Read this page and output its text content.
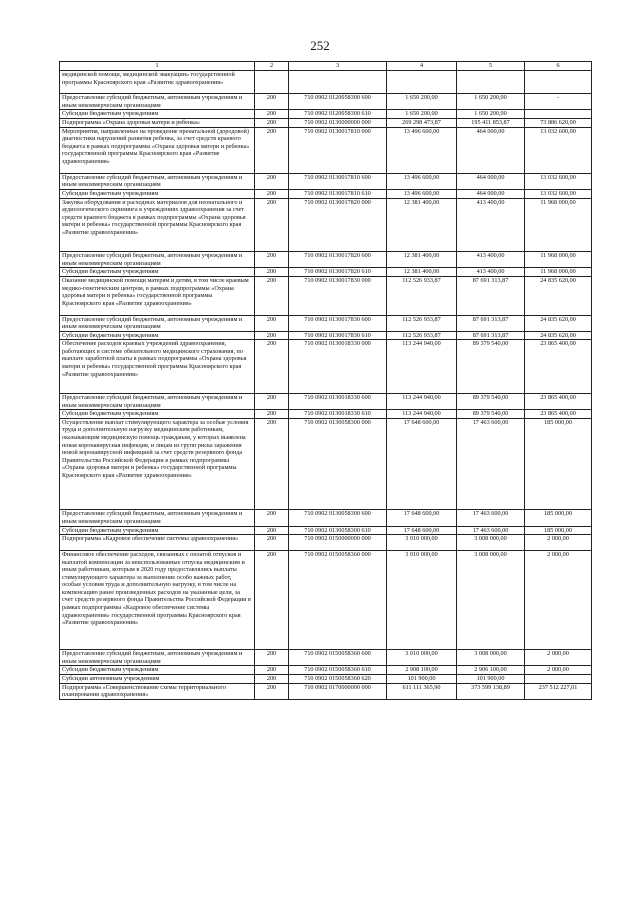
252
1	2	3	4	5	6
медицинской помощи, медицинской эвакуации» государственной программы Красноярского края «Развитие здравоохранения»					
Предоставление субсидий бюджетным, автономным учреждениям и иным некоммерческим организациям	200	710 0902 0120058300 600	1 650 200,00	1 650 200,00	-
Субсидии бюджетным учреждениям	200	710 0902 0120058300 610	1 650 200,00	1 650 200,00	
Подпрограмма «Охрана здоровья матери и ребенка»	200	710 0902 0130000000 000	269 298 473,87	195 411 853,87	73 886 620,00
Мероприятия, направленные на проведение пренатальной (дородовой) диагностики нарушений развития ребенка, за счет средств краевого бюджета в рамках подпрограммы «Охрана здоровья матери и ребенка» государственной программы Красноярского края «Развитие здравоохранения»	200	710 0902 0130017810 000	13 496 600,00	464 000,00	13 032 600,00
Предоставление субсидий бюджетным, автономным учреждениям и иным некоммерческим организациям	200	710 0902 0130017810 600	13 496 600,00	464 000,00	13 032 600,00
Субсидии бюджетным учреждениям	200	710 0902 0130017810 610	13 496 600,00	464 000,00	13 032 600,00
Закупка оборудования и расходных материалов для неонатального и аудиологического скрининга в учреждениях здравоохранения за счет средств краевого бюджета в рамках подпрограммы «Охрана здоровья матери и ребенка» государственной программы Красноярского края «Развитие здравоохранения»	200	710 0902 0130017820 000	12 381 400,00	413 400,00	11 968 000,00
Предоставление субсидий бюджетным, автономным учреждениям и иным некоммерческим организациям	200	710 0902 0130017820 600	12 381 400,00	413 400,00	11 968 000,00
Субсидии бюджетным учреждениям	200	710 0902 0130017820 610	12 381 400,00	413 400,00	11 968 000,00
Оказание медицинской помощи матерям и детям, в том числе краевым медико-генетическим центром, в рамках подпрограммы «Охрана здоровья матери и ребенка» государственной программы Красноярского края «Развитие здравоохранения»	200	710 0902 0130017830 000	112 526 933,87	87 691 313,87	24 835 620,00
Предоставление субсидий бюджетным, автономным учреждениям и иным некоммерческим организациям	200	710 0902 0130017830 600	112 526 933,87	87 691 313,87	24 835 620,00
Субсидии бюджетным учреждениям	200	710 0902 0130017830 610	112 526 933,87	87 691 313,87	24 835 620,00
Обеспечение расходов краевых учреждений здравоохранения, работающих в системе обязательного медицинского страхования, по выплате заработной платы в рамках подпрограммы «Охрана здоровья матери и ребенка» государственной программы Красноярского края «Развитие здравоохранения»	200	710 0902 0130018330 000	113 244 940,00	89 379 540,00	23 865 400,00
Предоставление субсидий бюджетным, автономным учреждениям и иным некоммерческим организациям	200	710 0902 0130018330 600	113 244 940,00	89 379 540,00	23 865 400,00
Субсидии бюджетным учреждениям	200	710 0902 0130018330 610	113 244 940,00	89 379 540,00	23 865 400,00
Осуществление выплат стимулирующего характера за особые условия труда и дополнительную нагрузку медицинским работникам, оказывающим медицинскую помощь гражданам, у которых выявлена новая коронавирусная инфекция, и лицам из групп риска заражения новой коронавирусной инфекцией за счет средств резервного фонда Правительства Российской Федерации в рамках подпрограммы «Охрана здоровья матери и ребенка» государственной программы Красноярского края «Развитие здравоохранения»	200	710 0902 0130058300 000	17 648 600,00	17 463 600,00	185 000,00
Предоставление субсидий бюджетным, автономным учреждениям и иным некоммерческим организациям	200	710 0902 0130058300 600	17 648 600,00	17 463 600,00	185 000,00
Субсидии бюджетным учреждениям	200	710 0902 0130058300 610	17 648 600,00	17 463 600,00	185 000,00
Подпрограмма «Кадровое обеспечение системы здравоохранения»	200	710 0902 0150000000 000	3 010 000,00	3 008 000,00	2 000,00
Финансовое обеспечение расходов, связанных с оплатой отпусков и выплатой компенсации за неиспользованные отпуска медицинским и иным работникам, которым в 2020 году предоставлялись выплаты стимулирующего характера за выполнение особо важных работ, особые условия труда и дополнительную нагрузку, в том числе на компенсацию ранее произведенных расходов на указанные цели, за счет средств резервного фонда Правительства Российской Федерации в рамках подпрограммы «Кадровое обеспечение системы здравоохранения» государственной программы Красноярского края «Развитие здравоохранения»	200	710 0902 0150058360 000	3 010 000,00	3 008 000,00	2 000,00
Предоставление субсидий бюджетным, автономным учреждениям и иным некоммерческим организациям	200	710 0902 0150058360 600	3 010 000,00	3 008 000,00	2 000,00
Субсидии бюджетным учреждениям	200	710 0902 0150058360 610	2 908 100,00	2 906 100,00	2 000,00
Субсидии автономным учреждениям	200	710 0902 0150058360 620	101 900,00	101 900,00	
Подпрограмма «Совершенствование схемы территориального планирования здравоохранения»	200	710 0902 0170000000 000	611 111 365,90	373 599 138,89	237 512 227,01
